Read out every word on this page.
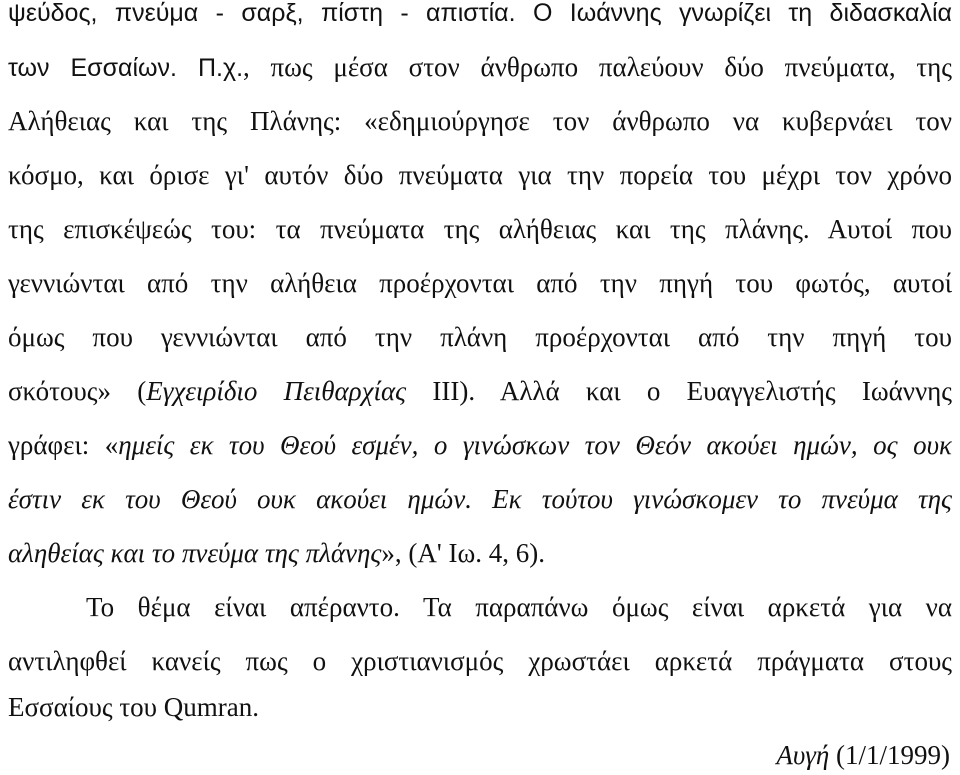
ψεύδος, πνεύμα - σαρξ, πίστη - απιστία. Ο Ιωάννης γνωρίζει τη διδασκαλία
των Εσσαίων. Π.χ., πως μέσα στον άνθρωπο παλεύουν δύο πνεύματα, της
Αλήθειας και της Πλάνης: «εδημιούργησε τον άνθρωπο να κυβερνάει τον
κόσμο, και όρισε γι' αυτόν δύο πνεύματα για την πορεία του μέχρι τον χρόνο
της επισκέψεώς του: τα πνεύματα της αλήθειας και της πλάνης. Αυτοί που
γεννιώνται από την αλήθεια προέρχονται από την πηγή του φωτός, αυτοί
όμως που γεννιώνται από την πλάνη προέρχονται από την πηγή του
σκότους» (Εγχειρίδιο Πειθαρχίας ΙΙΙ). Αλλά και ο Ευαγγελιστής Ιωάννης
γράφει: «ημείς εκ του Θεού εσμέν, ο γινώσκων τον Θεόν ακούει ημών, ος ουκ
έστιν εκ του Θεού ουκ ακούει ημών. Εκ τούτου γινώσκομεν το πνεύμα της
αληθείας και το πνεύμα της πλάνης», (Α' Ιω. 4, 6).
Το θέμα είναι απέραντο. Τα παραπάνω όμως είναι αρκετά για να
αντιληφθεί κανείς πως ο χριστιανισμός χρωστάει αρκετά πράγματα στους
Εσσαίους του Qumran.
Αυγή (1/1/1999)
